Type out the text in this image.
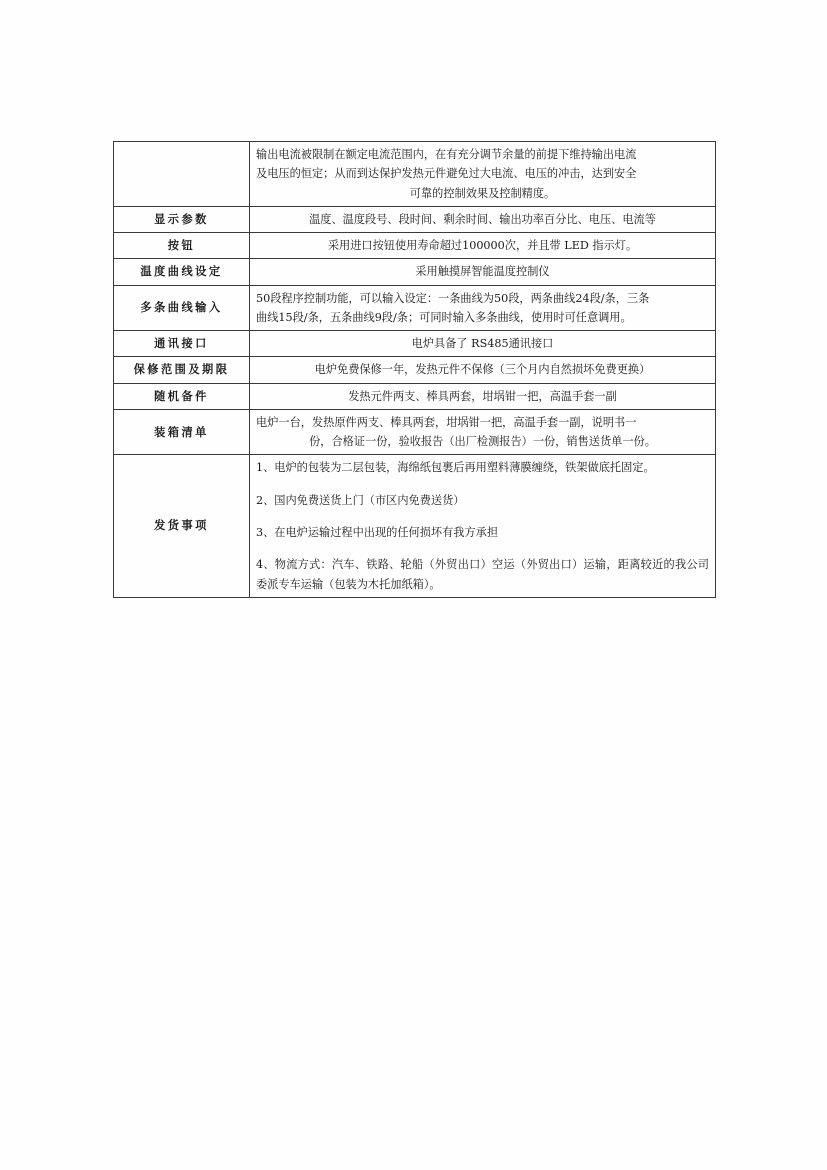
	输出电流被限制在额定电流范围内，在有充分调节余量的前提下维持输出电流
及电压的恒定；从而到达保护发热元件避免过大电流、电压的冲击，达到安全
可靠的控制效果及控制精度。

显示参数	温度、温度段号、段时间、剩余时间、输出功率百分比、电压、电流等
按钮	采用进口按钮使用寿命超过100000次，并且带 LED 指示灯。
温度曲线设定	采用触摸屏智能温度控制仪
多条曲线输入	50段程序控制功能，可以输入设定：一条曲线为50段，两条曲线24段/条，三条
曲线15段/条，五条曲线9段/条；可同时输入多条曲线，使用时可任意调用。

通讯接口	电炉具备了 RS485通讯接口
保修范围及期限	电炉免费保修一年，发热元件不保修（三个月内自然损坏免费更换）
随机备件	发热元件两支、棒具两套，坩埚钳一把，高温手套一副
装箱清单	电炉一台，发热原件两支、棒具两套，坩埚钳一把，高温手套一副，说明书一
份，合格证一份，验收报告（出厂检测报告）一份，销售送货单一份。

发货事项	1、电炉的包装为二层包装，海绵纸包裹后再用塑料薄膜缠绕，铁架做底托固定。

2、国内免费送货上门（市区内免费送货）

3、在电炉运输过程中出现的任何损坏有我方承担

4、物流方式：汽车、铁路、轮船（外贸出口）空运（外贸出口）运输，距离较近的我公司委派专车运输（包装为木托加纸箱）。
